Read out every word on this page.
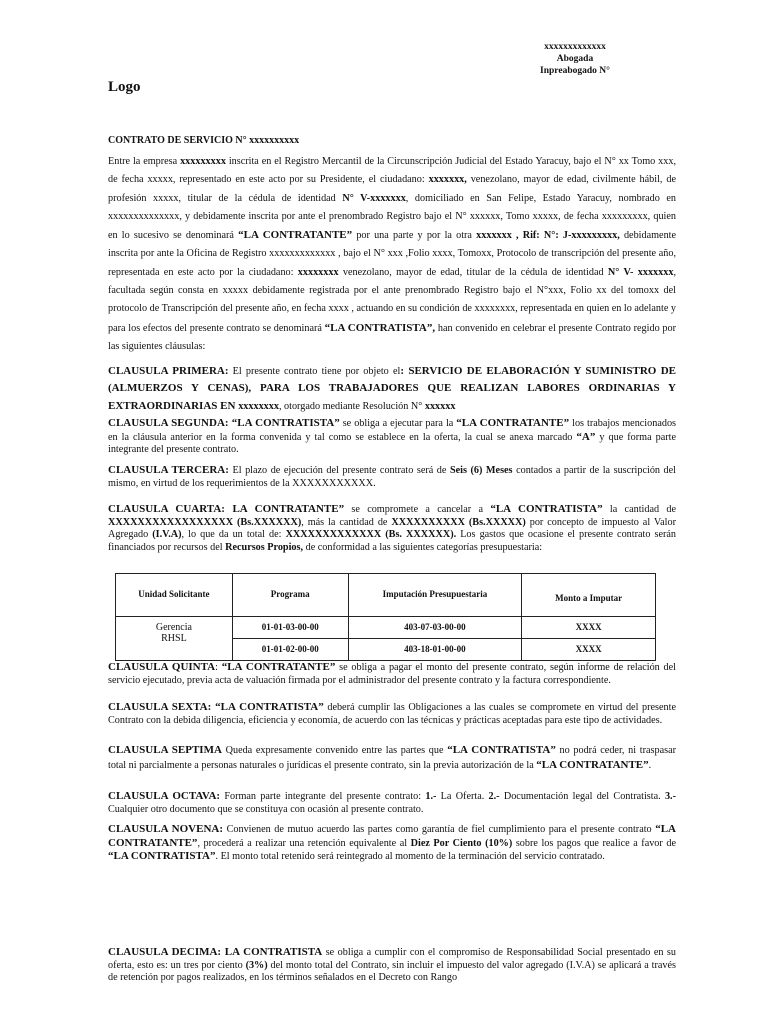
xxxxxxxxxxxxx
Abogada
Inpreabogado N°
Logo
CONTRATO DE SERVICIO N° xxxxxxxxxx
Entre la empresa xxxxxxxxx inscrita en el Registro Mercantil de la Circunscripción Judicial del Estado Yaracuy, bajo el N° xx Tomo xxx, de fecha xxxxx, representado en este acto por su Presidente, el ciudadano: xxxxxxx, venezolano, mayor de edad, civilmente hábil, de profesión xxxxx, titular de la cédula de identidad N° V-xxxxxxx, domiciliado en San Felipe, Estado Yaracuy, nombrado en xxxxxxxxxxxxxx, y debidamente inscrita por ante el prenombrado Registro bajo el N° xxxxxx, Tomo xxxxx, de fecha xxxxxxxxx, quien en lo sucesivo se denominará “LA CONTRATANTE” por una parte y por la otra xxxxxxx , Rif: N°: J-xxxxxxxxx, debidamente inscrita por ante la Oficina de Registro xxxxxxxxxxxxx , bajo el N° xxx ,Folio xxxx, Tomoxx, Protocolo de transcripción del presente año, representada en este acto por la ciudadano: xxxxxxxx venezolano, mayor de edad, titular de la cédula de identidad N° V- xxxxxxx, facultada según consta en xxxxx debidamente registrada por el ante prenombrado Registro bajo el N°xxx, Folio xx del tomoxx del protocolo de Transcripción del presente año, en fecha xxxx , actuando en su condición de xxxxxxxx, representada en quien en lo adelante y para los efectos del presente contrato se denominará “LA CONTRATISTA”, han convenido en celebrar el presente Contrato regido por las siguientes cláusulas:
CLAUSULA PRIMERA: El presente contrato tiene por objeto el: SERVICIO DE ELABORACIÓN Y SUMINISTRO DE (ALMUERZOS Y CENAS), PARA LOS TRABAJADORES QUE REALIZAN LABORES ORDINARIAS Y EXTRAORDINARIAS EN xxxxxxxx, otorgado mediante Resolución N° xxxxxx
CLAUSULA SEGUNDA: “LA CONTRATISTA” se obliga a ejecutar para la “LA CONTRATANTE” los trabajos mencionados en la cláusula anterior en la forma convenida y tal como se establece en la oferta, la cual se anexa marcado “A” y que forma parte integrante del presente contrato.
CLAUSULA TERCERA: El plazo de ejecución del presente contrato será de Seis (6) Meses contados a partir de la suscripción del mismo, en virtud de los requerimientos de la XXXXXXXXXXX.
CLAUSULA CUARTA: LA CONTRATANTE” se compromete a cancelar a “LA CONTRATISTA” la cantidad de XXXXXXXXXXXXXXXXX (Bs.XXXXXX), más la cantidad de XXXXXXXXXX (Bs.XXXXX) por concepto de impuesto al Valor Agregado (I.V.A), lo que da un total de: XXXXXXXXXXXXX (Bs. XXXXXX). Los gastos que ocasione el presente contrato serán financiados por recursos del Recursos Propios, de conformidad a las siguientes categorías presupuestaria:
Unidad Solicitante	Programa	Imputación Presupuestaria	Monto a Imputar

Gerencia RHSL	01-01-03-00-00	403-07-03-00-00	XXXX
	01-01-02-00-00	403-18-01-00-00	XXXX
CLAUSULA QUINTA: “LA CONTRATANTE” se obliga a pagar el monto del presente contrato, según informe de relación del servicio ejecutado, previa acta de valuación firmada por el administrador del presente contrato y la factura correspondiente.
CLAUSULA SEXTA: “LA CONTRATISTA” deberá cumplir las Obligaciones a las cuales se compromete en virtud del presente Contrato con la debida diligencia, eficiencia y economía, de acuerdo con las técnicas y prácticas aceptadas para este tipo de actividades.
CLAUSULA SEPTIMA Queda expresamente convenido entre las partes que “LA CONTRATISTA” no podrá ceder, ni traspasar total ni parcialmente a personas naturales o jurídicas el presente contrato, sin la previa autorización de la “LA CONTRATANTE”.
CLAUSULA OCTAVA: Forman parte integrante del presente contrato: 1.- La Oferta. 2.- Documentación legal del Contratista. 3.- Cualquier otro documento que se constituya con ocasión al presente contrato.
CLAUSULA NOVENA: Convienen de mutuo acuerdo las partes como garantía de fiel cumplimiento para el presente contrato “LA CONTRATANTE”, procederá a realizar una retención equivalente al Diez Por Ciento (10%) sobre los pagos que realice a favor de “LA CONTRATISTA”. El monto total retenido será reintegrado al momento de la terminación del servicio contratado.
CLAUSULA DECIMA: LA CONTRATISTA se obliga a cumplir con el compromiso de Responsabilidad Social presentado en su oferta, esto es: un tres por ciento (3%) del monto total del Contrato, sin incluir el impuesto del valor agregado (I.V.A) se aplicará a través de retención por pagos realizados, en los términos señalados en el Decreto con Rango
